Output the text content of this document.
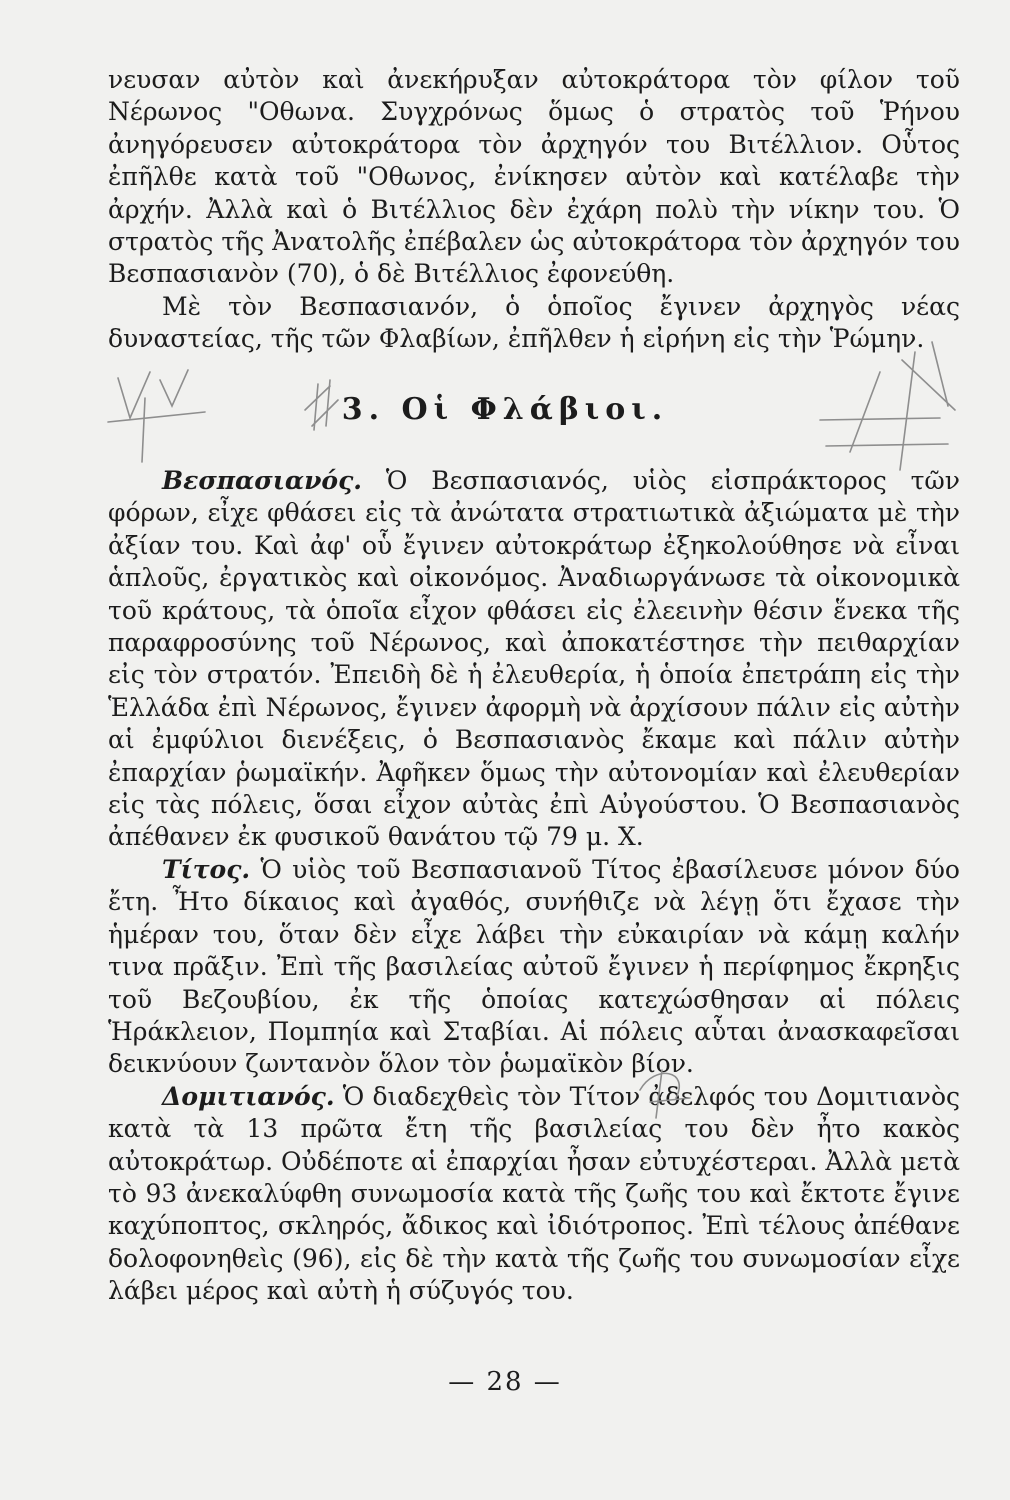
νευσαν αὐτὸν καὶ ἀνεκήρυξαν αὐτοκράτορα τὸν φίλον τοῦ Νέρωνος "Οθωνα. Συγχρόνως ὅμως ὁ στρατὸς τοῦ Ῥήνου ἀνηγόρευσεν αὐτοκράτορα τὸν ἀρχηγόν του Βιτέλλιον. Οὗτος ἐπῆλθε κατὰ τοῦ "Οθωνος, ἐνίκησεν αὐτὸν καὶ κατέλαβε τὴν ἀρχήν. Ἀλλὰ καὶ ὁ Βιτέλλιος δὲν ἐχάρη πολὺ τὴν νίκην του. Ὁ στρατὸς τῆς Ἀνατολῆς ἐπέβαλεν ὡς αὐτοκράτορα τὸν ἀρχηγόν του Βεσπασιανὸν (70), ὁ δὲ Βιτέλλιος ἐφονεύθη.

Μὲ τὸν Βεσπασιανόν, ὁ ὁποῖος ἔγινεν ἀρχηγὸς νέας δυναστείας, τῆς τῶν Φλαβίων, ἐπῆλθεν ἡ εἰρήνη εἰς τὴν Ῥώμην.

3. Οἱ Φλάβιοι.

Βεσπασιανός. Ὁ Βεσπασιανός, υἱὸς εἰσπράκτορος τῶν φόρων, εἶχε φθάσει εἰς τὰ ἀνώτατα στρατιωτικὰ ἀξιώματα μὲ τὴν ἀξίαν του. Καὶ ἀφ' οὗ ἔγινεν αὐτοκράτωρ ἐξηκολούθησε νὰ εἶναι ἁπλοῦς, ἐργατικὸς καὶ οἰκονόμος. Ἀναδιωργάνωσε τὰ οἰκονομικὰ τοῦ κράτους, τὰ ὁποῖα εἶχον φθάσει εἰς ἐλεεινὴν θέσιν ἕνεκα τῆς παραφροσύνης τοῦ Νέρωνος, καὶ ἀποκατέστησε τὴν πειθαρχίαν εἰς τὸν στρατόν. Ἐπειδὴ δὲ ἡ ἐλευθερία, ἡ ὁποία ἐπετράπη εἰς τὴν Ἑλλάδα ἐπὶ Νέρωνος, ἔγινεν ἀφορμὴ νὰ ἀρχίσουν πάλιν εἰς αὐτὴν αἱ ἐμφύλιοι διενέξεις, ὁ Βεσπασιανὸς ἔκαμε καὶ πάλιν αὐτὴν ἐπαρχίαν ῥωμαϊκήν. Ἀφῆκεν ὅμως τὴν αὐτονομίαν καὶ ἐλευθερίαν εἰς τὰς πόλεις, ὅσαι εἶχον αὐτὰς ἐπὶ Αὐγούστου. Ὁ Βεσπασιανὸς ἀπέθανεν ἐκ φυσικοῦ θανάτου τῷ 79 μ. Χ.

Τίτος. Ὁ υἱὸς τοῦ Βεσπασιανοῦ Τίτος ἐβασίλευσε μόνον δύο ἔτη. Ἦτο δίκαιος καὶ ἀγαθός, συνήθιζε νὰ λέγῃ ὅτι ἔχασε τὴν ἡμέραν του, ὅταν δὲν εἶχε λάβει τὴν εὐκαιρίαν νὰ κάμῃ καλήν τινα πρᾶξιν. Ἐπὶ τῆς βασιλείας αὐτοῦ ἔγινεν ἡ περίφημος ἔκρηξις τοῦ Βεζουβίου, ἐκ τῆς ὁποίας κατεχώσθησαν αἱ πόλεις Ἡράκλειον, Πομπηία καὶ Σταβίαι. Αἱ πόλεις αὗται ἀνασκαφεῖσαι δεικνύουν ζωντανὸν ὅλον τὸν ῥωμαϊκὸν βίον.

Δομιτιανός. Ὁ διαδεχθεὶς τὸν Τίτον ἀδελφός του Δομιτιανὸς κατὰ τὰ 13 πρῶτα ἔτη τῆς βασιλείας του δὲν ἦτο κακὸς αὐτοκράτωρ. Οὐδέποτε αἱ ἐπαρχίαι ἦσαν εὐτυχέστεραι. Ἀλλὰ μετὰ τὸ 93 ἀνεκαλύφθη συνωμοσία κατὰ τῆς ζωῆς του καὶ ἔκτοτε ἔγινε καχύποπτος, σκληρός, ἄδικος καὶ ἰδιότροπος. Ἐπὶ τέλους ἀπέθανε δολοφονηθεὶς (96), εἰς δὲ τὴν κατὰ τῆς ζωῆς του συνωμοσίαν εἶχε λάβει μέρος καὶ αὐτὴ ἡ σύζυγός του.

— 28 —
